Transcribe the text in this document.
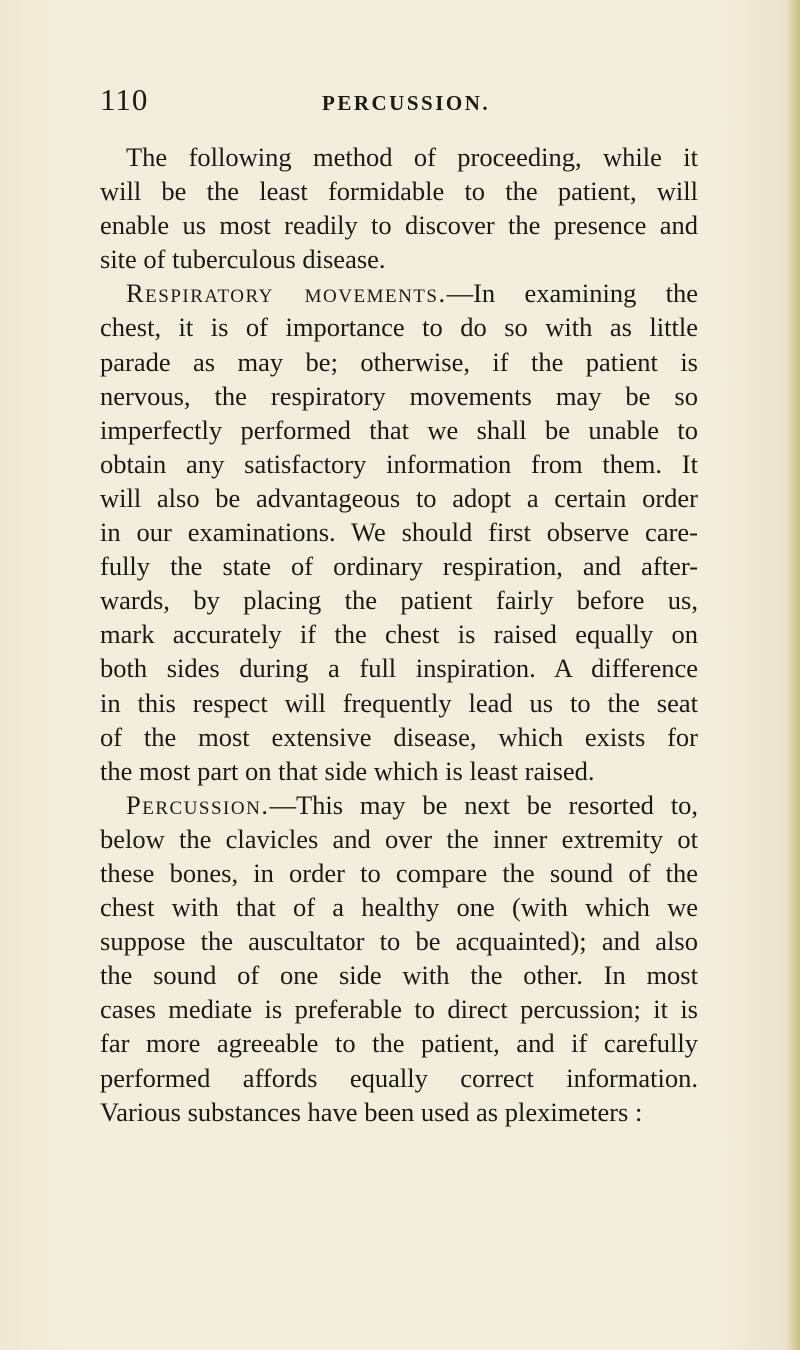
110	PERCUSSION.
The following method of proceeding, while it
will be the least formidable to the patient, will
enable us most readily to discover the presence and
site of tuberculous disease.
Respiratory movements.—In examining the
chest, it is of importance to do so with as little
parade as may be; otherwise, if the patient is
nervous, the respiratory movements may be so
imperfectly performed that we shall be unable to
obtain any satisfactory information from them. It
will also be advantageous to adopt a certain order
in our examinations. We should first observe care-
fully the state of ordinary respiration, and after-
wards, by placing the patient fairly before us,
mark accurately if the chest is raised equally on
both sides during a full inspiration. A difference
in this respect will frequently lead us to the seat
of the most extensive disease, which exists for
the most part on that side which is least raised.
Percussion.—This may be next be resorted to,
below the clavicles and over the inner extremity ot
these bones, in order to compare the sound of the
chest with that of a healthy one (with which we
suppose the auscultator to be acquainted); and also
the sound of one side with the other. In most
cases mediate is preferable to direct percussion; it is
far more agreeable to the patient, and if carefully
performed affords equally correct information.
Various substances have been used as pleximeters :
